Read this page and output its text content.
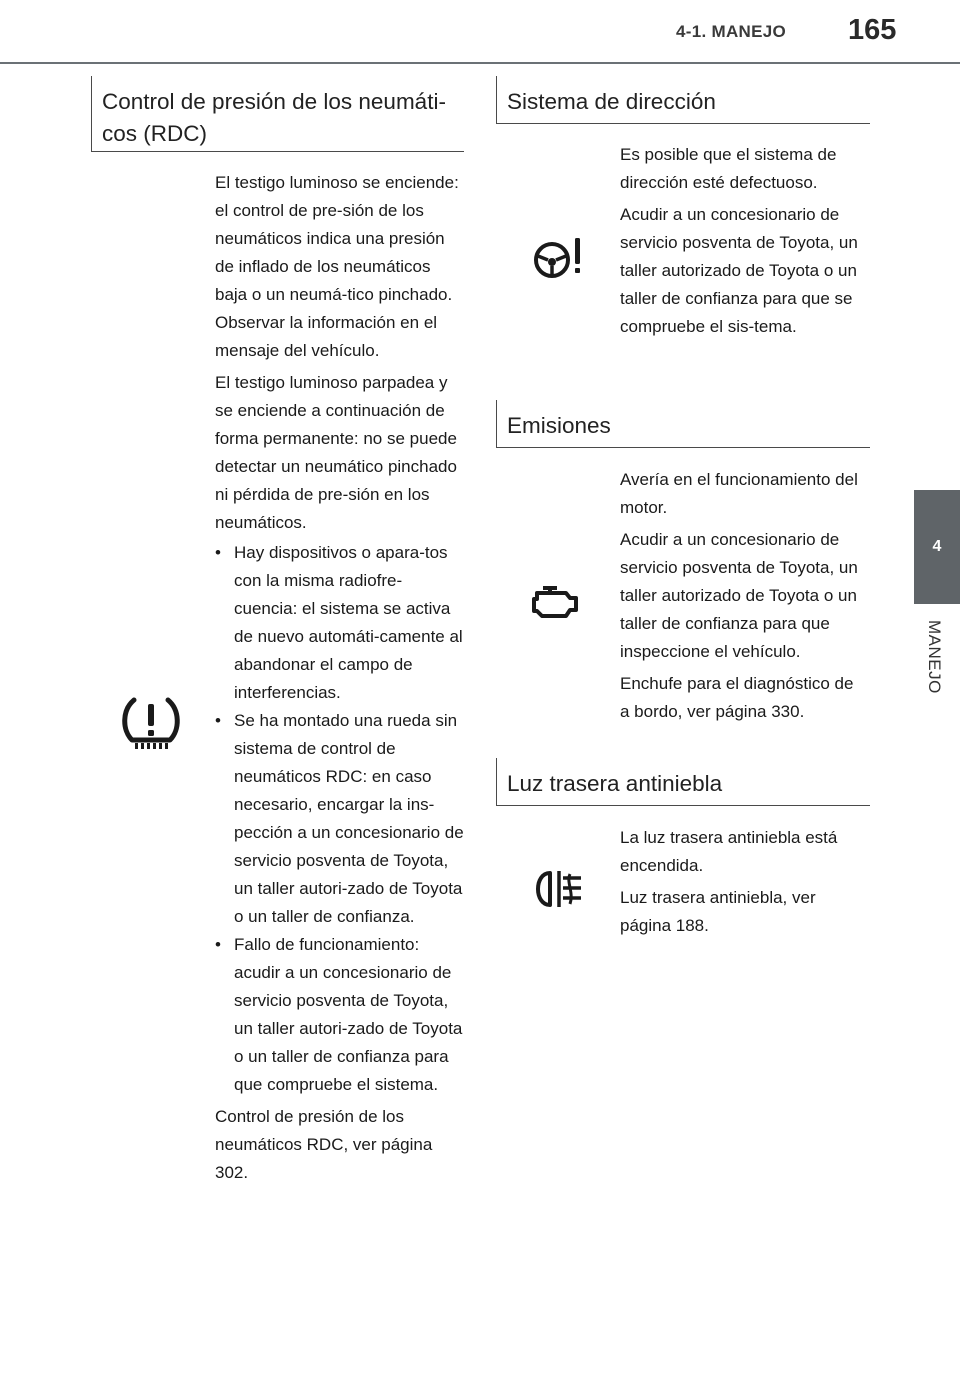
4-1. MANEJO 165
4
MANEJO
Control de presión de los neumáti-
cos (RDC)

El testigo luminoso se enciende: el control de pre-sión de los neumáticos indica una presión de inflado de los neumáticos baja o un neumá-tico pinchado. Observar la información en el mensaje del vehículo.

El testigo luminoso parpadea y se enciende a continuación de forma permanente: no se puede detectar un neumático pinchado ni pérdida de pre-sión en los neumáticos.

• Hay dispositivos o apara-tos con la misma radiofre-cuencia: el sistema se activa de nuevo automáti-camente al abandonar el campo de interferencias.
• Se ha montado una rueda sin sistema de control de neumáticos RDC: en caso necesario, encargar la ins-pección a un concesionario de servicio posventa de Toyota, un taller autori-zado de Toyota o un taller de confianza.
• Fallo de funcionamiento: acudir a un concesionario de servicio posventa de Toyota, un taller autori-zado de Toyota o un taller de confianza para que compruebe el sistema.

Control de presión de los neumáticos RDC, ver página 302.

Sistema de dirección

Es posible que el sistema de dirección esté defectuoso.

Acudir a un concesionario de servicio posventa de Toyota, un taller autorizado de Toyota o un taller de confianza para que se compruebe el sis-tema.

Emisiones

Avería en el funcionamiento del motor.

Acudir a un concesionario de servicio posventa de Toyota, un taller autorizado de Toyota o un taller de confianza para que inspeccione el vehículo.

Enchufe para el diagnóstico de a bordo, ver página 330.

Luz trasera antiniebla

La luz trasera antiniebla está encendida.

Luz trasera antiniebla, ver página 188.
